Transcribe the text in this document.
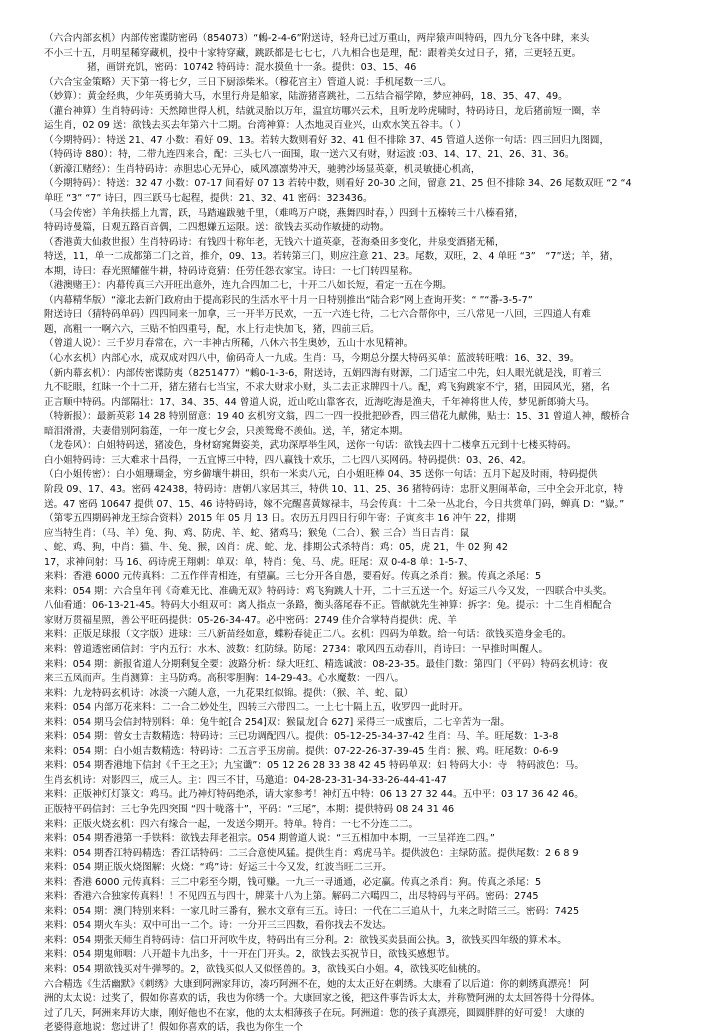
（六合内部玄机）内部传密谍防密码（854073）“鶇-2-4-6”附送诗，轻舟已过万重山，两岸猿声叫特码，四九分飞各中肆，来头
不小三十五，月明星稀穿藏机，投中十家特穿藏，跳跃都是七七七，八九相合也是理，配：跟着美女过日子，猪，三更轻五更。
　　猪，画饼充饥，密码：10742 特码诗：混水摸鱼十一条。提供：03、15、46
（六合宝金策略）天下第一将七夕，三日下厨添柴米。（穆花宫主）管道人说：手机尾数一三八。
（妙算）：黄金经典，少年英勇骑大马，水里行舟是船家，陆游猪喜跳社，二五结合福学障，梦应神码，18、35、47、49。
（灌台神算）生肖特码诗：天然障世得人机，结就灵胎以万年，温宜坊哪兴云术，且听龙吟虎啸时，特码诗日，龙后猪前短一圈，幸
运生肖，02 09 送：欲钱去买去年第六十二期。台湾神算：人杰地灵百业兴，山欢水笑五谷丰。（ ）
（今期特码）：特送 21、47 小数：看好 09、13。若转大数则看好 32、41 但不排除 37、45 管道人送你一句话：四三回归九图圆，
（特码诗 880）：特，二带九连四来合，配：三头七八一面围，取一送六又有财，财运波 :03、14、17、21、26、31、36。
（新濠江赌经）：生肖特码诗：赤胆忠心无异心，威风凛凛势冲天，驰骋沙场显英豪，机灵敏捷心机高，
（今期特码）：特送：32 47 小数：07-17 间看好 07 13 若转中数，则看好 20-30 之间，留意 21、25 但不排除 34、26 尾数双旺 “2 “4
单旺 “3” “7” 诗曰，四三跃马七起程，提供：21、32、41 密码：323436。
（马会传密）羊角扶摇上九霄，跃，马踏遍跋驰千里，（难鸣万户晓，燕舞四时春，）四到十五榛转三十八榛看猪，
特码诗曼篇，日观五路百音偶，二四想嫌五运限。送：欲钱去买动作敏捷的动物。
（香港黄大仙救世报）生肖特码诗：有钱四十称年老，无钱六十道英豪，苍海桑田多变化，井泉变酒猪无稀，
特送，11，单一二成都第二门之首，推介，09、13。若转第三门，则应注意 21、23。尾数，双旺，2、4 单旺 “3”　“7”送；羊，猪，
本期，诗曰：春光照耀催牛耕，特码诗竟猜：任劳任怨衣家宝。诗曰：一七门转四星称。
（港澳赌王）：内幕传真三六开旺出意外，连九合四加二七，十开二八如长短，看定一五在今期。
（内幕精华版）“濠北去新门政府由于提高彩民的生活水平十月一日特别推出“陆合彩”网上查询开奖：“ ”“番-3-5-7”
附送诗曰（猜特码单码）四四同来一加拿，三一开半万民欢，一五一六连七待，二七六合帮你中，三八常见一八回，三四道人有难
题，高粗一一啊六六，三贴不怕四重号，配，水上行走快加飞，猪，四前三后。
（曾道人说）：三千岁月春常在，六一丰神古所稀，八休六书生奥妙，五山十水见精神。
（心水玄机）内部心水，成双成对四八中，偷码奇人一九成。生肖：马，今期总分摆大特码买单：蓝波转旺哦：16、32、39。
（新内幕玄机）：内部传密谍防夷（8251477）“鶇0-1-3-6，附送诗，五娟四海有财源，二门适宝二中先，妇人眼光就是浅，盯着三
九不眨眼，红眛一个十二开，猪左猪右七当宝，不求大财求小财，头二去正求牌四十八。配，鸡飞狗跳家不宁，猪，田园风光，猪，名
正言顺中特码。内部隔壮：17、34、35、44 曾道人说，近山吃山靠客衣，近海吃海是渔夫，千年神将世人传，梦见新郎骑大马。
（特新报）：最新英彩 14 28 特别留意：19 40 玄机穷文翁，四二一四一投批把砂香，四三借花九献佛，贴士：15、31 曾道人神，酸桥合
暗泪滑滑，夫妻借别阿翁莲，一年一度七夕会，只羡鸳鸯不羡仙。送，羊，猪定本期。
（龙卷风）：白姐特码送，猪凌色，身材窈窕舞姿美，武功深厚举生风，送你一句话：欲钱去四十二楼拿五元到十七楼买特码。
白小姐特码诗：三大难求十昌得，一五宜博三中特，四八赢钱十欢乐，二七四八买网码。特码提供：03、26、42。
（白小姐传密）：白小姐珊瑚金，穷乡僻壤牛耕田，织布一米卖八元，白小姐旺棒 04、35 送你一句话：五月下起及时雨，特码提供
阶段 09、17、43。密码 42438，特码诗：唐朝八家居其三，特供 10、11、25、36 猪特码诗：忠肝义胆闹革命，三中全会开北京，特
送。47 密码 10647 提供 07、15、46 诗特码诗，嫁不完醒喜黄嫁禄丰，马会传真：十二朵一丛北台，今日共赏单门码，蝉真 D：“嶽。”
（第零五四期码神龙王综合资料）2015 年 05 月 13 日。农历五月四日行卯午寄：子寅亥丰 16 冲午 22，排期
应当特生肖：（马、羊）兔、狗、鸡、防虎、羊、蛇、猪鸡马；猴兔（二合）、猴 三合）当日吉肖：鼠
、蛇、鸡、狗，中肖：猫、牛、兔、猴，凶肖：虎、蛇、龙、排期公式杀特肖：鸡：05，虎 21，牛 02 狗 42
17，求神问射：马 16、码诗虎王翔刺：单双：单，特肖：兔、马、虎。旺尾：双 0-4-8 单：1-5-7、
来料：香港 6000 元传真料：二五作伴青相连，有望赢。三七分开各自愚，要看好。传真之杀肖：猴。传真之杀尾：5
来料：054 期：六合皇年刊《奇难无比、准确无双》特码诗：鸡飞狗跳人十开，二十三五送一个。好运三八今又发，一四联合中头奖。
八仙看通：06-13-21-45。特码大小组双可：离人指点一条路，衡头落尾春不正。管献就先生神算：拆字：兔。提示：十二生肖相配合
家财万贯福星照，善公平旺码提供：05-26-34-47。必中密码：2749 佳介合掌特肖提供：虎、羊
来料：正版足球报（文字版）进球：三八新苗经如意，蝶粉春徒正二八。玄机：四码为单数。给一句话：欲钱买造身金毛的。
来料：曾道透密函信封：宇内五行：水木、波数：红防绿。防尾：2734：歌风四五动春川，肖诗曰：一早推时叫醒人。
来料：054 期：新报省道人分期剩复全要：波路分析：绿大旺红、精选诚波：08-23-35。最佳门数：第四门（平码）特码玄机诗：夜
来三五凤而声。生肖测算：主马防鸡。高积零胆胸：14-29-43。心水魔数：一四八。
来料：九龙特码玄机诗：冰淡一六随人意，一九花果红似锦。提供：（猴、羊、蛇、鼠）
来料：054 内部万花来料：二一合二妙处生，四转三六带四二。一上七十隔上五，收罗四一此时开。
来料：054 期马会信封特别料：单：兔牛蛇[合 254]双：猴鼠龙[合 627] 采得三一成蜜后，二七辛苦为一甜。
来料：054 期：曾女士吉数精选：特码诗：三已功调配四八。提供：05-12-25-34-37-42 生肖：马、羊。旺尾数：1-3-8
来料：054 期：白小姐吉数精选：特码诗：二五言乎玉房前。提供：07-22-26-37-39-45 生肖：猴、鸡。旺尾数：0-6-9
来料：054 期香港地下信封《千王之王》；九宝谶”：05 12 26 28 33 38 42 45 特码单双：妇 特码大小：寺　特码波色：马。
生肖玄机诗：对影四三，成三人。主：四三不甘，马邀追：04-28-23-31-34-33-26-44-41-47
来料：正版神灯灯箓文：鸡马。此乃神灯特码绝杀，请大家参考！神灯五中特：06 13 27 32 44。五中平：03 17 36 42 46。
正版特平码信封：三七争先四突围 “四十咙落十”，平码：“三尾”，本期：提供特码 08 24 31 46
来料：正版火烧玄机：四六有缘合一起，一发送今期开。特单。特肖：一七不分连二二。
来料：054 期香港第一手铁料：欲钱去拜老祖宗。054 期曾道人说：“三五相加中本期，一三呈祥连二四。”
来料：054 期香江特码精选：香江话特码：二三合意使风猛。提供生肖：鸡虎马羊。提供波色：主绿防蓝。提供尾数：2 6 8 9
来料：054 期正版火烧图解：火烧：“鸡”诗：好运三十今又发，红波当旺二三开。
来料：香港 6000 元传真料：三二中彩至今期，钱可赚。一九三一寻通通，必定赢。传真之杀肖：狗。传真之杀尾：5
来料：香港六合独家传真料！！不见四五与四十，牌菜十八为上第。解码二六噶四二，出尽特码与平码。密码：2745
来料：054 期：澳门特别来料：一家几时三番有，猴水文章有三五。诗曰：一代在二三追从十，九来之时陪三三。密码：7425
来料：054 期火车头：双中可出一二个。诗：一分开三三四数，看你找去不发达。
来料：054 期张天师生肖特码诗：信口开河吹牛皮，特码出有三分利。2：欲钱买卖县面公执。3，欲钱买四年级的算术本。
来料：054 期鬼师咽：八开超卡九出多，十一开在门开头。2，欲钱去买祝节日，欲钱买感想节。
来料：054 期欲钱买对牛弹琴的。2，欲钱买似人又似怪兽的。3，欲钱买白小姐。4，欲钱买吃仙桃的。
六合精选《生活幽默》《刺绣》大康到阿洲家拜访，凑巧阿洲不在，她的太太正好在刺绣。大康看了以后道：你的刺绣真漂亮！ 阿
洲的太太说：过奖了，假如你喜欢的话，我也为你绣一个。大康回家之後，把这件事告诉太太，并称赞阿洲的太太回答得十分得体。
过了几天，阿洲来拜访大康，刚好他也不在家，他的太太相薄孩子在玩。阿洲道：您的孩子真漂亮，圆圆胖胖的好可爱！ 大康的
老婆得意地说：您过讲了！假如你喜欢的话，我也为你生一个
